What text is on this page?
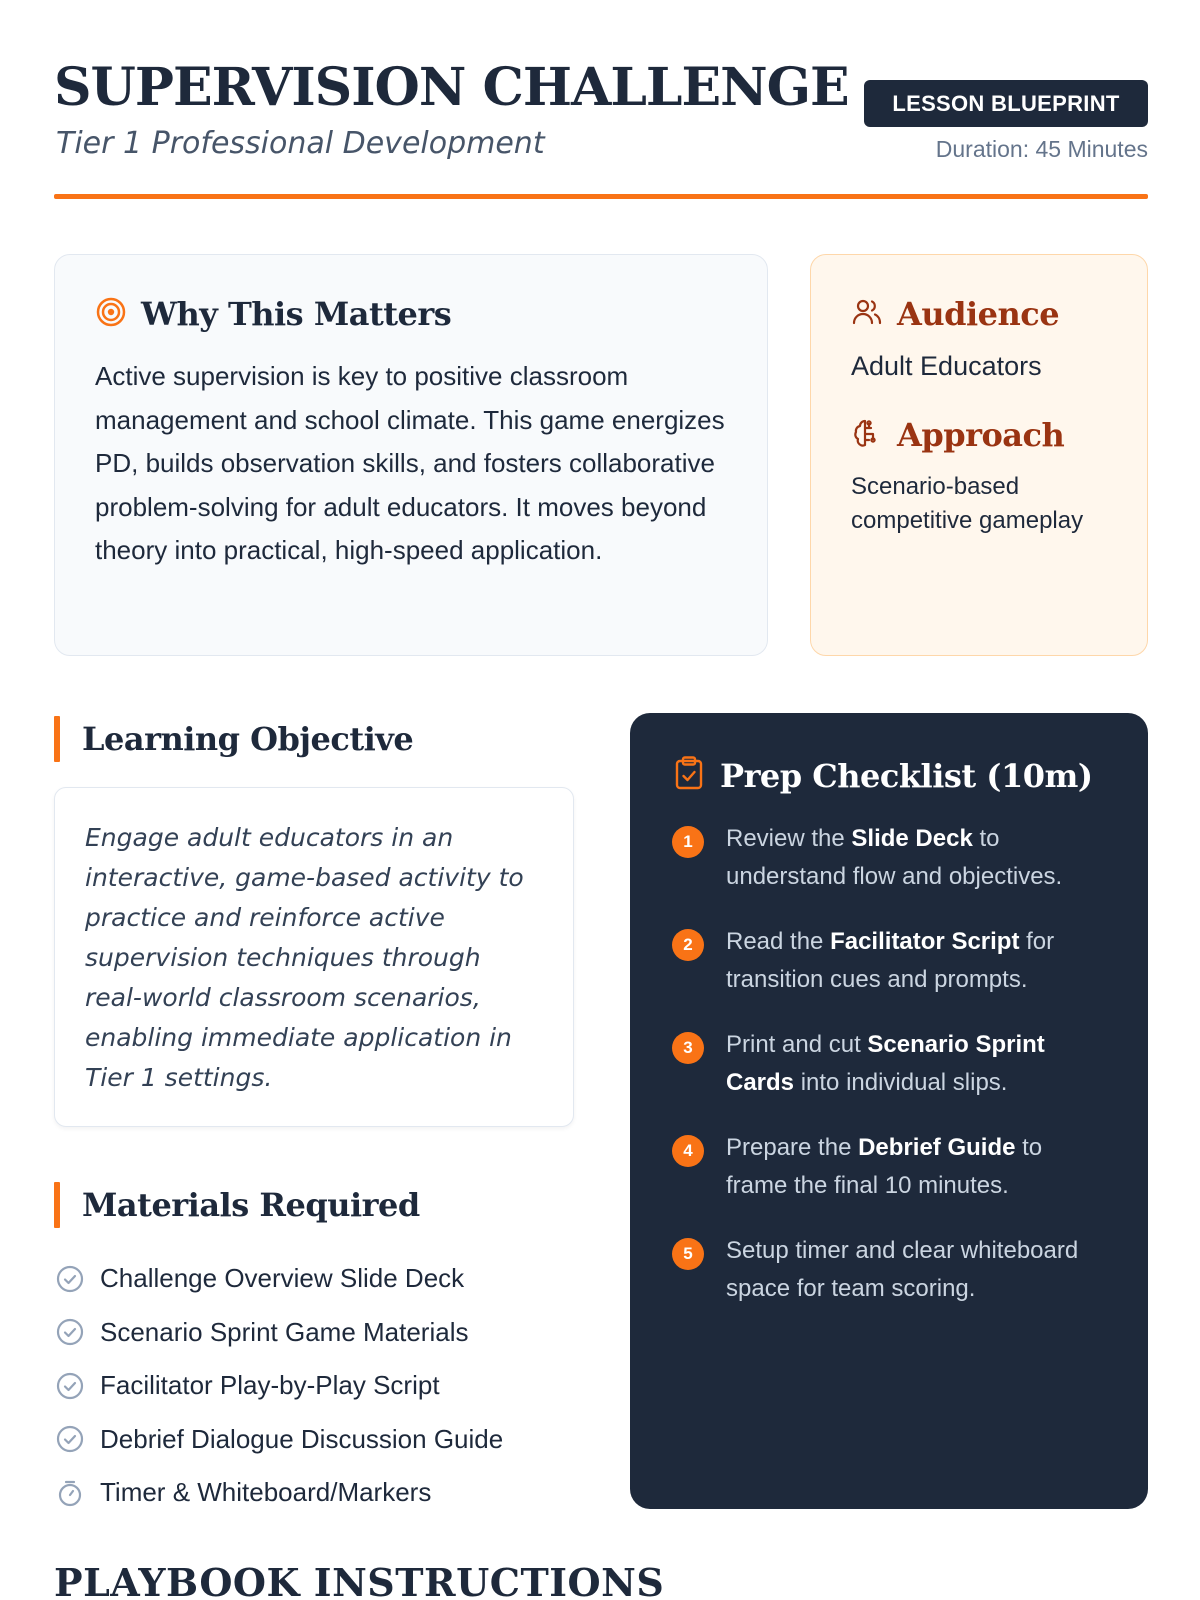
SUPERVISION CHALLENGE
Tier 1 Professional Development
LESSON BLUEPRINT
Duration: 45 Minutes
Why This Matters

Active supervision is key to positive classroom management and school climate. This game energizes PD, builds observation skills, and fosters collaborative problem-solving for adult educators. It moves beyond theory into practical, high-speed application.

Audience
Adult Educators
Approach
Scenario-based competitive gameplay
Learning Objective

Engage adult educators in an interactive, game-based activity to practice and reinforce active supervision techniques through real-world classroom scenarios, enabling immediate application in Tier 1 settings.

Materials Required
Challenge Overview Slide Deck
Scenario Sprint Game Materials
Facilitator Play-by-Play Script
Debrief Dialogue Discussion Guide
Timer & Whiteboard/Markers
Prep Checklist (10m)
1	Review the Slide Deck to understand flow and objectives.
2	Read the Facilitator Script for transition cues and prompts.
3	Print and cut Scenario Sprint Cards into individual slips.
4	Prepare the Debrief Guide to frame the final 10 minutes.
5	Setup timer and clear whiteboard space for team scoring.
PLAYBOOK INSTRUCTIONS
